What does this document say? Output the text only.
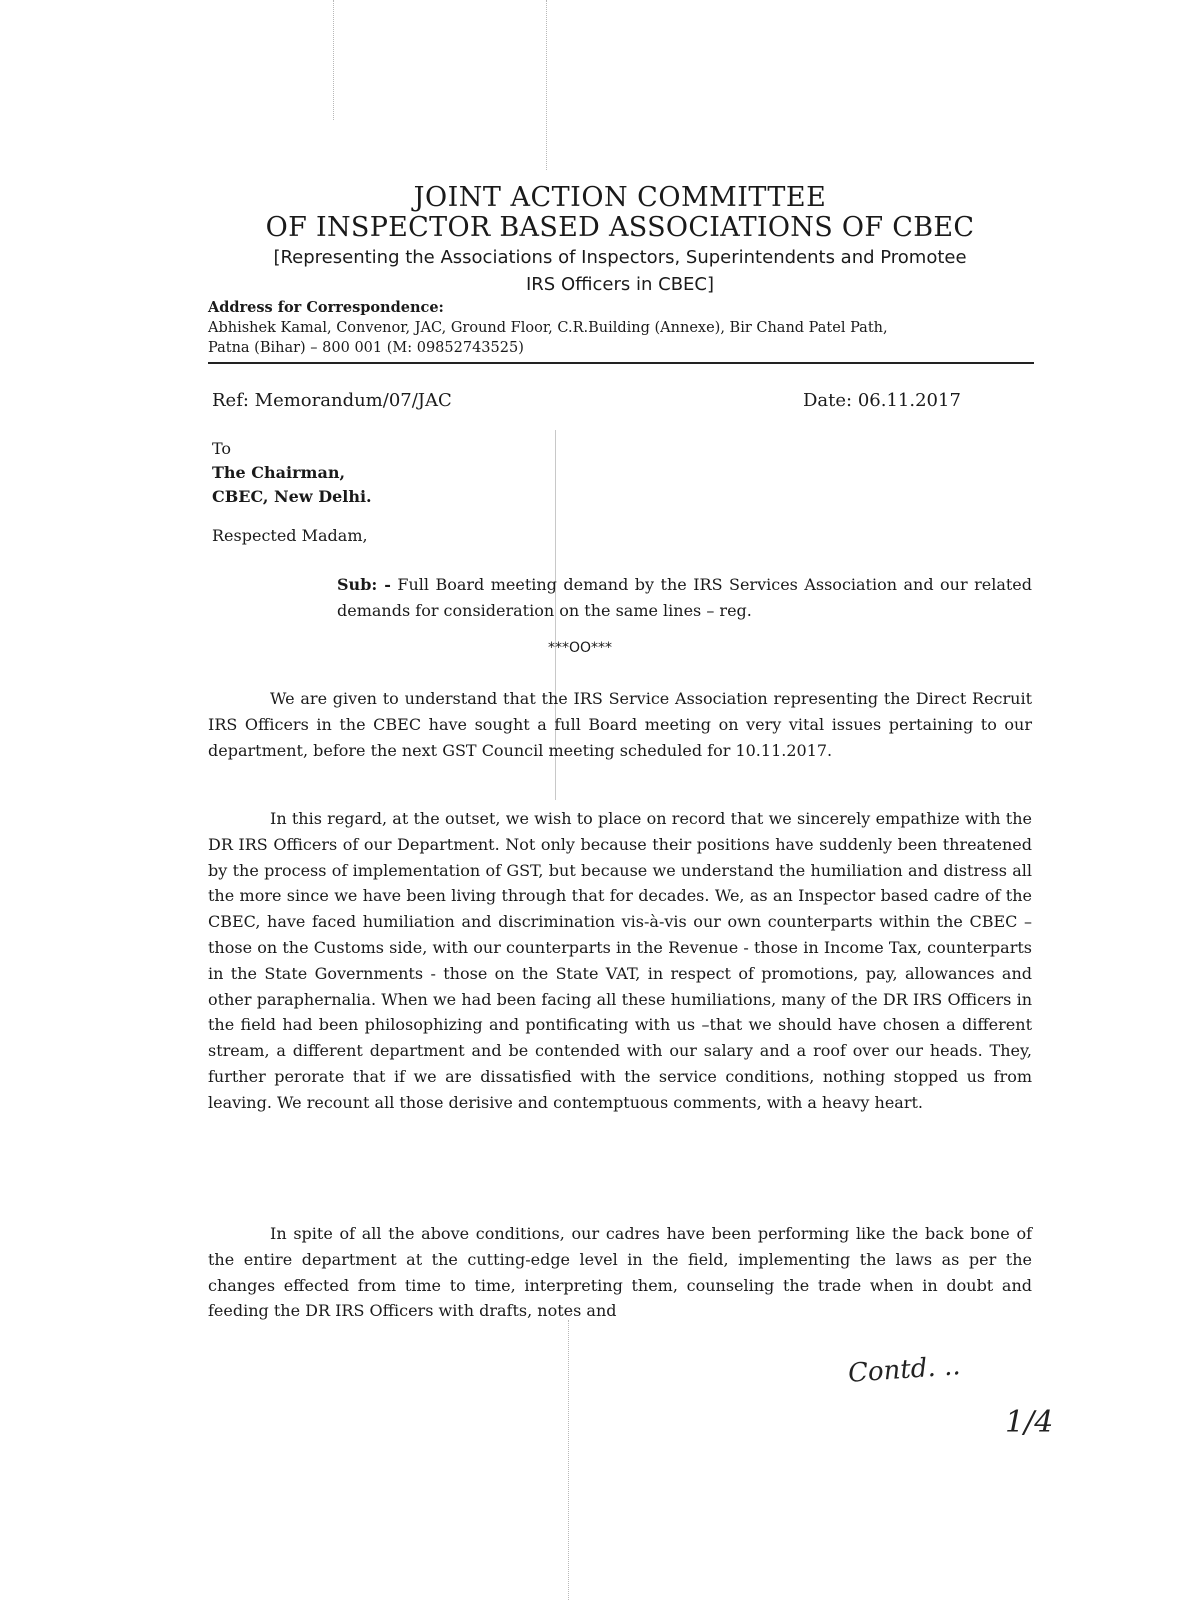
JOINT ACTION COMMITTEE
OF INSPECTOR BASED ASSOCIATIONS OF CBEC
[Representing the Associations of Inspectors, Superintendents and Promotee
IRS Officers in CBEC]
Address for Correspondence:
Abhishek Kamal, Convenor, JAC, Ground Floor, C.R.Building (Annexe), Bir Chand Patel Path,
Patna (Bihar) – 800 001 (M: 09852743525)
Ref: Memorandum/07/JAC	Date: 06.11.2017
To
The Chairman,
CBEC, New Delhi.
Respected Madam,
Sub: - Full Board meeting demand by the IRS Services Association and our related demands for consideration on the same lines – reg.
***OO***
We are given to understand that the IRS Service Association representing the Direct Recruit IRS Officers in the CBEC have sought a full Board meeting on very vital issues pertaining to our department, before the next GST Council meeting scheduled for 10.11.2017.
In this regard, at the outset, we wish to place on record that we sincerely empathize with the DR IRS Officers of our Department. Not only because their positions have suddenly been threatened by the process of implementation of GST, but because we understand the humiliation and distress all the more since we have been living through that for decades. We, as an Inspector based cadre of the CBEC, have faced humiliation and discrimination vis-à-vis our own counterparts within the CBEC – those on the Customs side, with our counterparts in the Revenue - those in Income Tax, counterparts in the State Governments - those on the State VAT, in respect of promotions, pay, allowances and other paraphernalia. When we had been facing all these humiliations, many of the DR IRS Officers in the field had been philosophizing and pontificating with us –that we should have chosen a different stream, a different department and be contended with our salary and a roof over our heads. They, further perorate that if we are dissatisfied with the service conditions, nothing stopped us from leaving. We recount all those derisive and contemptuous comments, with a heavy heart.
In spite of all the above conditions, our cadres have been performing like the back bone of the entire department at the cutting-edge level in the field, implementing the laws as per the changes effected from time to time, interpreting them, counseling the trade when in doubt and feeding the DR IRS Officers with drafts, notes and
Contd. ..
1/4
